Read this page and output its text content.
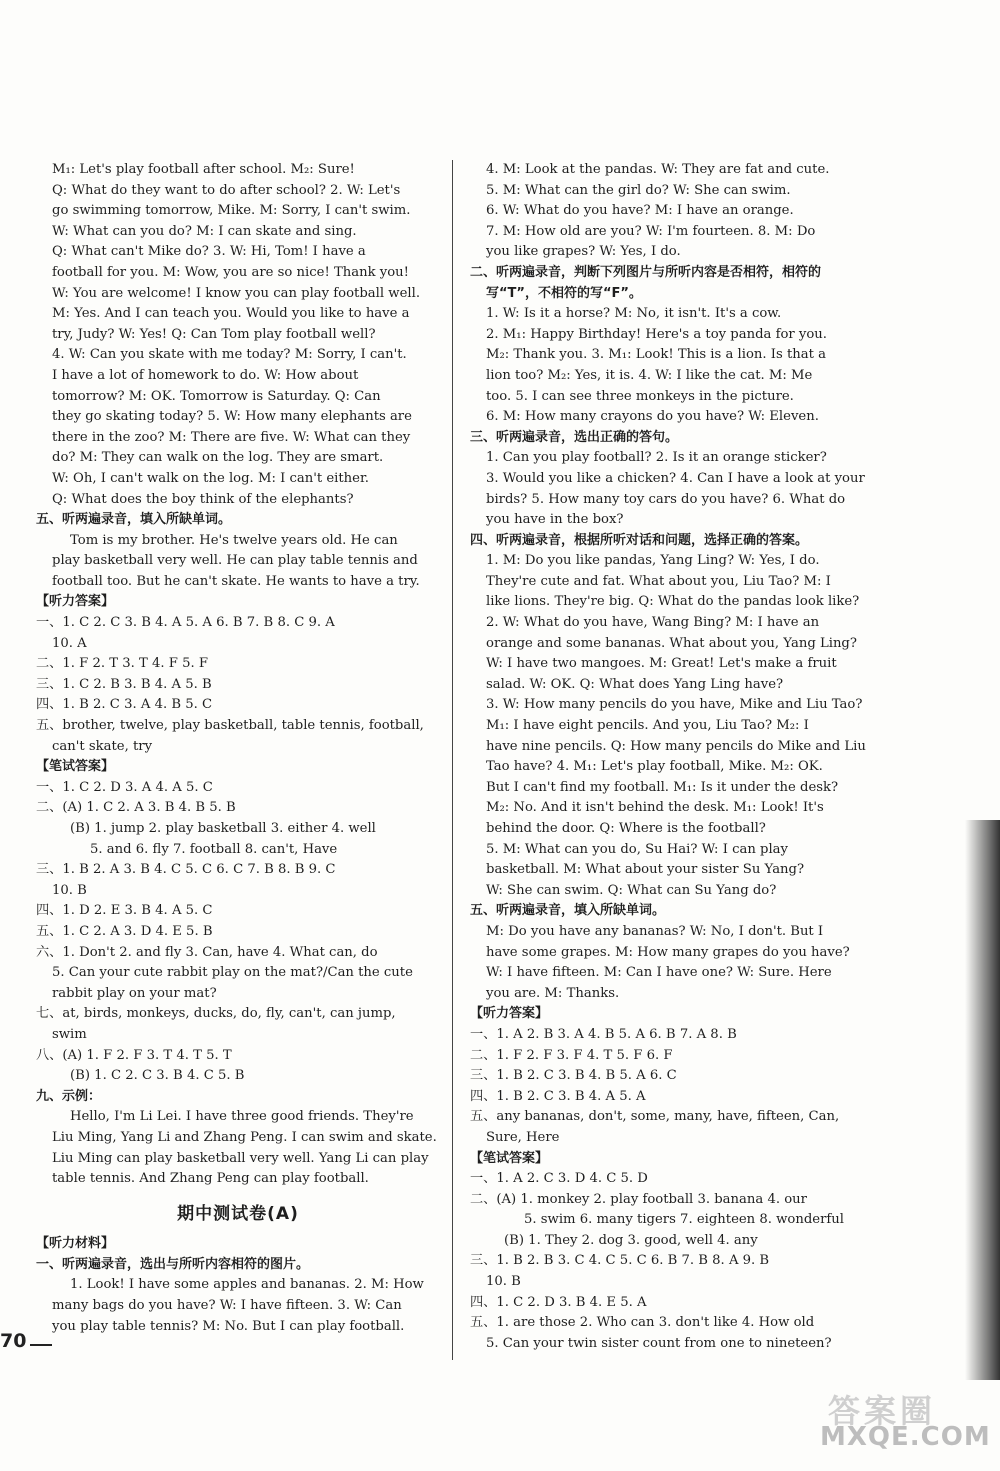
M₁: Let's play football after school. M₂: Sure!
Q: What do they want to do after school? 2. W: Let's
go swimming tomorrow, Mike. M: Sorry, I can't swim.
W: What can you do? M: I can skate and sing.
Q: What can't Mike do? 3. W: Hi, Tom! I have a
football for you. M: Wow, you are so nice! Thank you!
W: You are welcome! I know you can play football well.
M: Yes. And I can teach you. Would you like to have a
try, Judy? W: Yes! Q: Can Tom play football well?
4. W: Can you skate with me today? M: Sorry, I can't.
I have a lot of homework to do. W: How about
tomorrow? M: OK. Tomorrow is Saturday. Q: Can
they go skating today? 5. W: How many elephants are
there in the zoo? M: There are five. W: What can they
do? M: They can walk on the log. They are smart.
W: Oh, I can't walk on the log. M: I can't either.
Q: What does the boy think of the elephants?
五、听两遍录音，填入所缺单词。
Tom is my brother. He's twelve years old. He can
play basketball very well. He can play table tennis and
football too. But he can't skate. He wants to have a try.
【听力答案】
一、1. C 2. C 3. B 4. A 5. A 6. B 7. B 8. C 9. A
10. A
二、1. F 2. T 3. T 4. F 5. F
三、1. C 2. B 3. B 4. A 5. B
四、1. B 2. C 3. A 4. B 5. C
五、brother, twelve, play basketball, table tennis, football,
can't skate, try
【笔试答案】
一、1. C 2. D 3. A 4. A 5. C
二、(A) 1. C 2. A 3. B 4. B 5. B
(B) 1. jump 2. play basketball 3. either 4. well
5. and 6. fly 7. football 8. can't, Have
三、1. B 2. A 3. B 4. C 5. C 6. C 7. B 8. B 9. C
10. B
四、1. D 2. E 3. B 4. A 5. C
五、1. C 2. A 3. D 4. E 5. B
六、1. Don't 2. and fly 3. Can, have 4. What can, do
5. Can your cute rabbit play on the mat?/Can the cute
rabbit play on your mat?
七、at, birds, monkeys, ducks, do, fly, can't, can jump,
swim
八、(A) 1. F 2. F 3. T 4. T 5. T
(B) 1. C 2. C 3. B 4. C 5. B
九、示例：
Hello, I'm Li Lei. I have three good friends. They're
Liu Ming, Yang Li and Zhang Peng. I can swim and skate.
Liu Ming can play basketball very well. Yang Li can play
table tennis. And Zhang Peng can play football.
期中测试卷(A)
【听力材料】
一、听两遍录音，选出与所听内容相符的图片。
1. Look! I have some apples and bananas. 2. M: How
many bags do you have? W: I have fifteen. 3. W: Can
you play table tennis? M: No. But I can play football.
4. M: Look at the pandas. W: They are fat and cute.
5. M: What can the girl do? W: She can swim.
6. W: What do you have? M: I have an orange.
7. M: How old are you? W: I'm fourteen. 8. M: Do
you like grapes? W: Yes, I do.
二、听两遍录音，判断下列图片与所听内容是否相符，相符的
写“T”，不相符的写“F”。
1. W: Is it a horse? M: No, it isn't. It's a cow.
2. M₁: Happy Birthday! Here's a toy panda for you.
M₂: Thank you. 3. M₁: Look! This is a lion. Is that a
lion too? M₂: Yes, it is. 4. W: I like the cat. M: Me
too. 5. I can see three monkeys in the picture.
6. M: How many crayons do you have? W: Eleven.
三、听两遍录音，选出正确的答句。
1. Can you play football? 2. Is it an orange sticker?
3. Would you like a chicken? 4. Can I have a look at your
birds? 5. How many toy cars do you have? 6. What do
you have in the box?
四、听两遍录音，根据所听对话和问题，选择正确的答案。
1. M: Do you like pandas, Yang Ling? W: Yes, I do.
They're cute and fat. What about you, Liu Tao? M: I
like lions. They're big. Q: What do the pandas look like?
2. W: What do you have, Wang Bing? M: I have an
orange and some bananas. What about you, Yang Ling?
W: I have two mangoes. M: Great! Let's make a fruit
salad. W: OK. Q: What does Yang Ling have?
3. W: How many pencils do you have, Mike and Liu Tao?
M₁: I have eight pencils. And you, Liu Tao? M₂: I
have nine pencils. Q: How many pencils do Mike and Liu
Tao have? 4. M₁: Let's play football, Mike. M₂: OK.
But I can't find my football. M₁: Is it under the desk?
M₂: No. And it isn't behind the desk. M₁: Look! It's
behind the door. Q: Where is the football?
5. M: What can you do, Su Hai? W: I can play
basketball. M: What about your sister Su Yang?
W: She can swim. Q: What can Su Yang do?
五、听两遍录音，填入所缺单词。
M: Do you have any bananas? W: No, I don't. But I
have some grapes. M: How many grapes do you have?
W: I have fifteen. M: Can I have one? W: Sure. Here
you are. M: Thanks.
【听力答案】
一、1. A 2. B 3. A 4. B 5. A 6. B 7. A 8. B
二、1. F 2. F 3. F 4. T 5. F 6. F
三、1. B 2. C 3. B 4. B 5. A 6. C
四、1. B 2. C 3. B 4. A 5. A
五、any bananas, don't, some, many, have, fifteen, Can,
Sure, Here
【笔试答案】
一、1. A 2. C 3. D 4. C 5. D
二、(A) 1. monkey 2. play football 3. banana 4. our
5. swim 6. many tigers 7. eighteen 8. wonderful
(B) 1. They 2. dog 3. good, well 4. any
三、1. B 2. B 3. C 4. C 5. C 6. B 7. B 8. A 9. B
10. B
四、1. C 2. D 3. B 4. E 5. A
五、1. are those 2. Who can 3. don't like 4. How old
5. Can your twin sister count from one to nineteen?
70
答案圈
MXQE.COM
